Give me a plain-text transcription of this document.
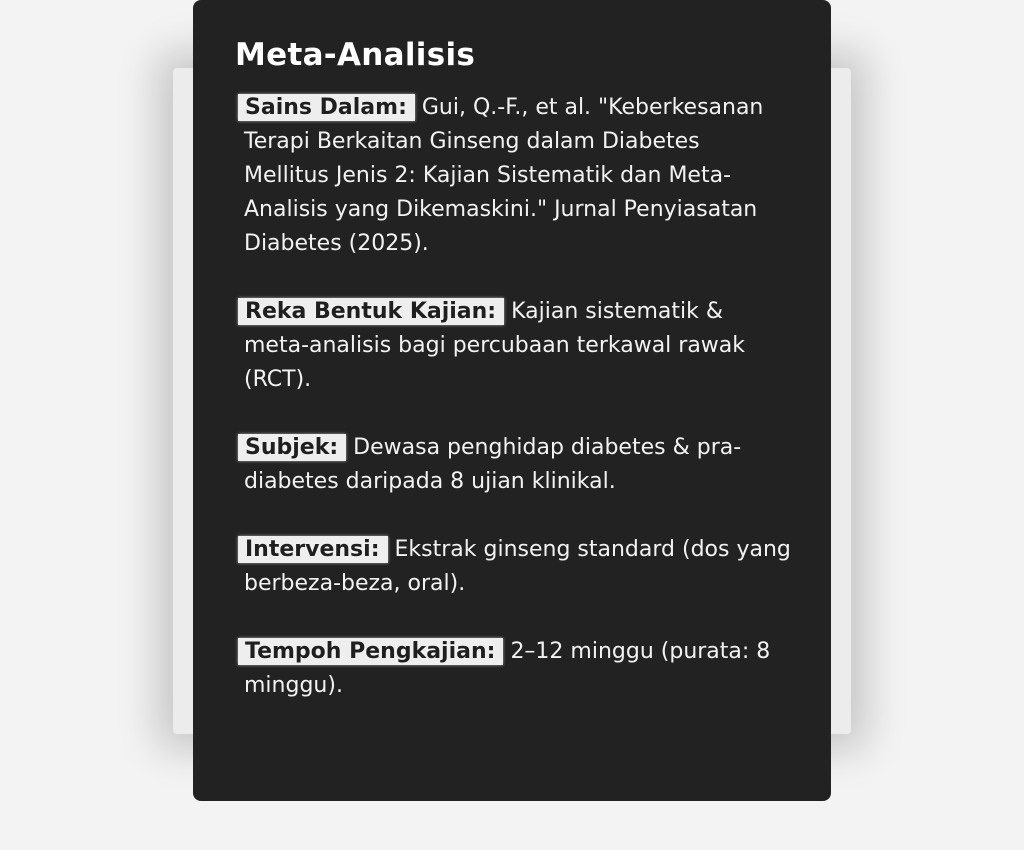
Meta-Analisis
Sains Dalam: Gui, Q.-F., et al. "Keberkesanan Terapi Berkaitan Ginseng dalam Diabetes Mellitus Jenis 2: Kajian Sistematik dan Meta-Analisis yang Dikemaskini." Jurnal Penyiasatan Diabetes (2025).
Reka Bentuk Kajian: Kajian sistematik & meta-analisis bagi percubaan terkawal rawak (RCT).
Subjek: Dewasa penghidap diabetes & pra-diabetes daripada 8 ujian klinikal.
Intervensi: Ekstrak ginseng standard (dos yang berbeza-beza, oral).
Tempoh Pengkajian: 2–12 minggu (purata: 8 minggu).
